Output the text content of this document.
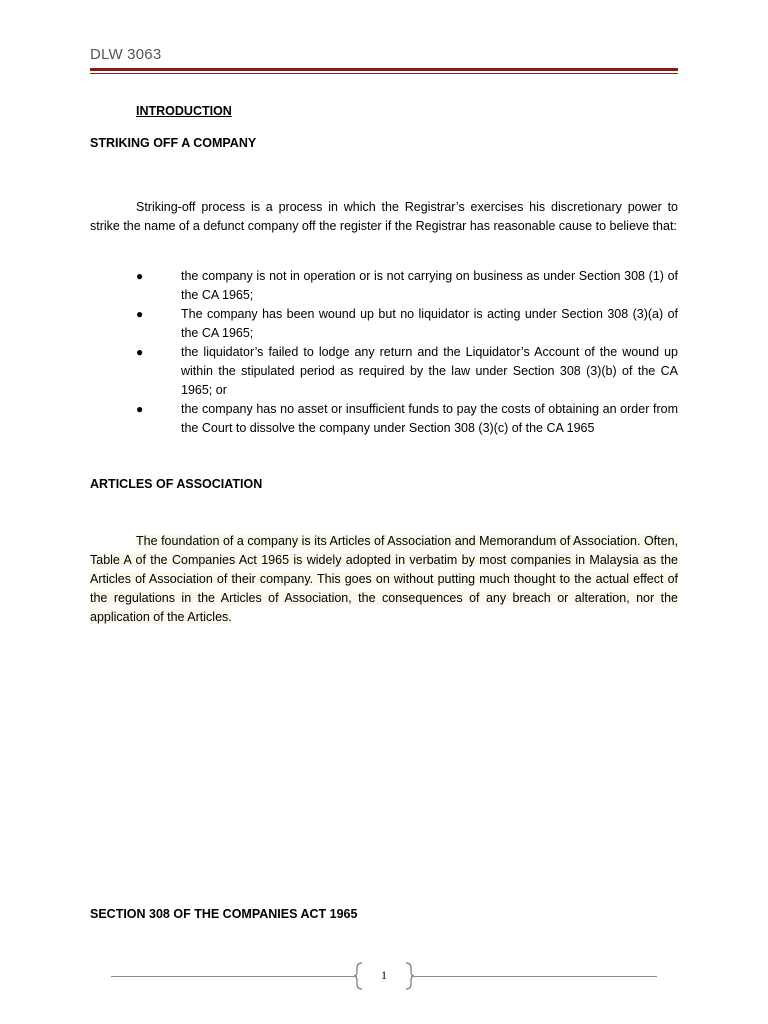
DLW 3063
INTRODUCTION
STRIKING OFF A COMPANY

Striking-off process is a process in which the Registrar’s exercises his discretionary power to strike the name of a defunct company off the register if the Registrar has reasonable cause to believe that:

●	the company is not in operation or is not carrying on business as under Section 308 (1) of the CA 1965;
●	The company has been wound up but no liquidator is acting under Section 308 (3)(a) of the CA 1965;
●	the liquidator’s failed to lodge any return and the Liquidator’s Account of the wound up within the stipulated period as required by the law under Section 308 (3)(b) of the CA 1965; or
●	the company has no asset or insufficient funds to pay the costs of obtaining an order from the Court to dissolve the company under Section 308 (3)(c) of the CA 1965
ARTICLES OF ASSOCIATION

The foundation of a company is its Articles of Association and Memorandum of Association. Often, Table A of the Companies Act 1965 is widely adopted in verbatim by most companies in Malaysia as the Articles of Association of their company. This goes on without putting much thought to the actual effect of the regulations in the Articles of Association, the consequences of any breach or alteration, nor the application of the Articles.

SECTION 308 OF THE COMPANIES ACT 1965
1
